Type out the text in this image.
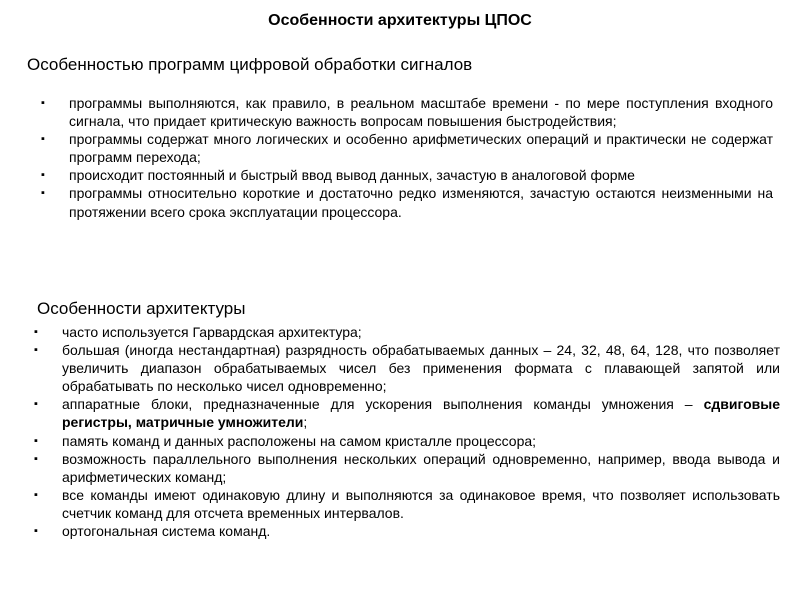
Особенности архитектуры ЦПОС
Особенностью программ цифровой обработки сигналов
▪ программы выполняются, как правило, в реальном масштабе времени - по мере поступления входного сигнала, что придает критическую важность вопросам повышения быстродействия;
▪ программы содержат много логических и особенно арифметических операций и практически не содержат программ перехода;
▪ происходит постоянный и быстрый ввод вывод данных, зачастую в аналоговой форме
▪ программы относительно короткие и достаточно редко изменяются, зачастую остаются неизменными на протяжении всего срока эксплуатации процессора.
Особенности архитектуры
▪ часто используется Гарвардская архитектура;
▪ большая (иногда нестандартная) разрядность обрабатываемых данных – 24, 32, 48, 64, 128, что позволяет увеличить диапазон обрабатываемых чисел без применения формата с плавающей запятой или обрабатывать по несколько чисел одновременно;
▪ аппаратные блоки, предназначенные для ускорения выполнения команды умножения – сдвиговые регистры, матричные умножители;
▪ память команд и данных расположены на самом кристалле процессора;
▪ возможность параллельного выполнения нескольких операций одновременно, например, ввода вывода и арифметических команд;
▪ все команды имеют одинаковую длину и выполняются за одинаковое время, что позволяет использовать счетчик команд для отсчета временных интервалов.
▪ ортогональная система команд.
